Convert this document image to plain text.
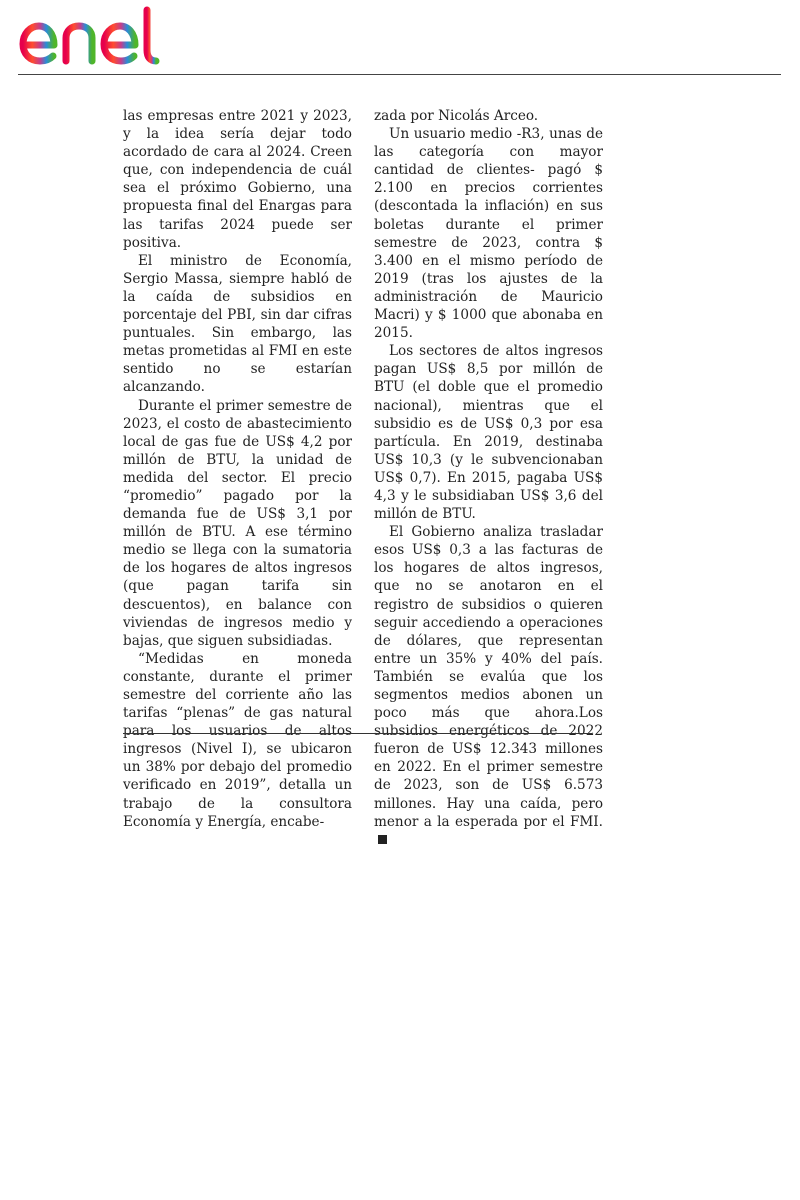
las empresas entre 2021 y 2023, y la idea sería dejar todo acordado de cara al 2024. Creen que, con independencia de cuál sea el próximo Gobierno, una propuesta final del Enargas para las tarifas 2024 puede ser positiva.

El ministro de Economía, Sergio Massa, siempre habló de la caída de subsidios en porcentaje del PBI, sin dar cifras puntuales. Sin embargo, las metas prometidas al FMI en este sentido no se estarían alcanzando.

Durante el primer semestre de 2023, el costo de abastecimiento local de gas fue de US$ 4,2 por millón de BTU, la unidad de medida del sector. El precio “promedio” pagado por la demanda fue de US$ 3,1 por millón de BTU. A ese término medio se llega con la sumatoria de los hogares de altos ingresos (que pagan tarifa sin descuentos), en balance con viviendas de ingresos medio y bajas, que siguen subsidiadas.

“Medidas en moneda constante, durante el primer semestre del corriente año las tarifas “plenas” de gas natural para los usuarios de altos ingresos (Nivel I), se ubicaron un 38% por debajo del promedio verificado en 2019”, detalla un trabajo de la consultora Economía y Energía, encabe-

zada por Nicolás Arceo.

Un usuario medio -R3, unas de las categoría con mayor cantidad de clientes- pagó $ 2.100 en precios corrientes (descontada la inflación) en sus boletas durante el primer semestre de 2023, contra $ 3.400 en el mismo período de 2019 (tras los ajustes de la administración de Mauricio Macri) y $ 1000 que abonaba en 2015.

Los sectores de altos ingresos pagan US$ 8,5 por millón de BTU (el doble que el promedio nacional), mientras que el subsidio es de US$ 0,3 por esa partícula. En 2019, destinaba US$ 10,3 (y le subvencionaban US$ 0,7). En 2015, pagaba US$ 4,3 y le subsidiaban US$ 3,6 del millón de BTU.

El Gobierno analiza trasladar esos US$ 0,3 a las facturas de los hogares de altos ingresos, que no se anotaron en el registro de subsidios o quieren seguir accediendo a operaciones de dólares, que representan entre un 35% y 40% del país. También se evalúa que los segmentos medios abonen un poco más que ahora.Los subsidios energéticos de 2022 fueron de US$ 12.343 millones en 2022. En el primer semestre de 2023, son de US$ 6.573 millones. Hay una caída, pero menor a la esperada por el FMI.
